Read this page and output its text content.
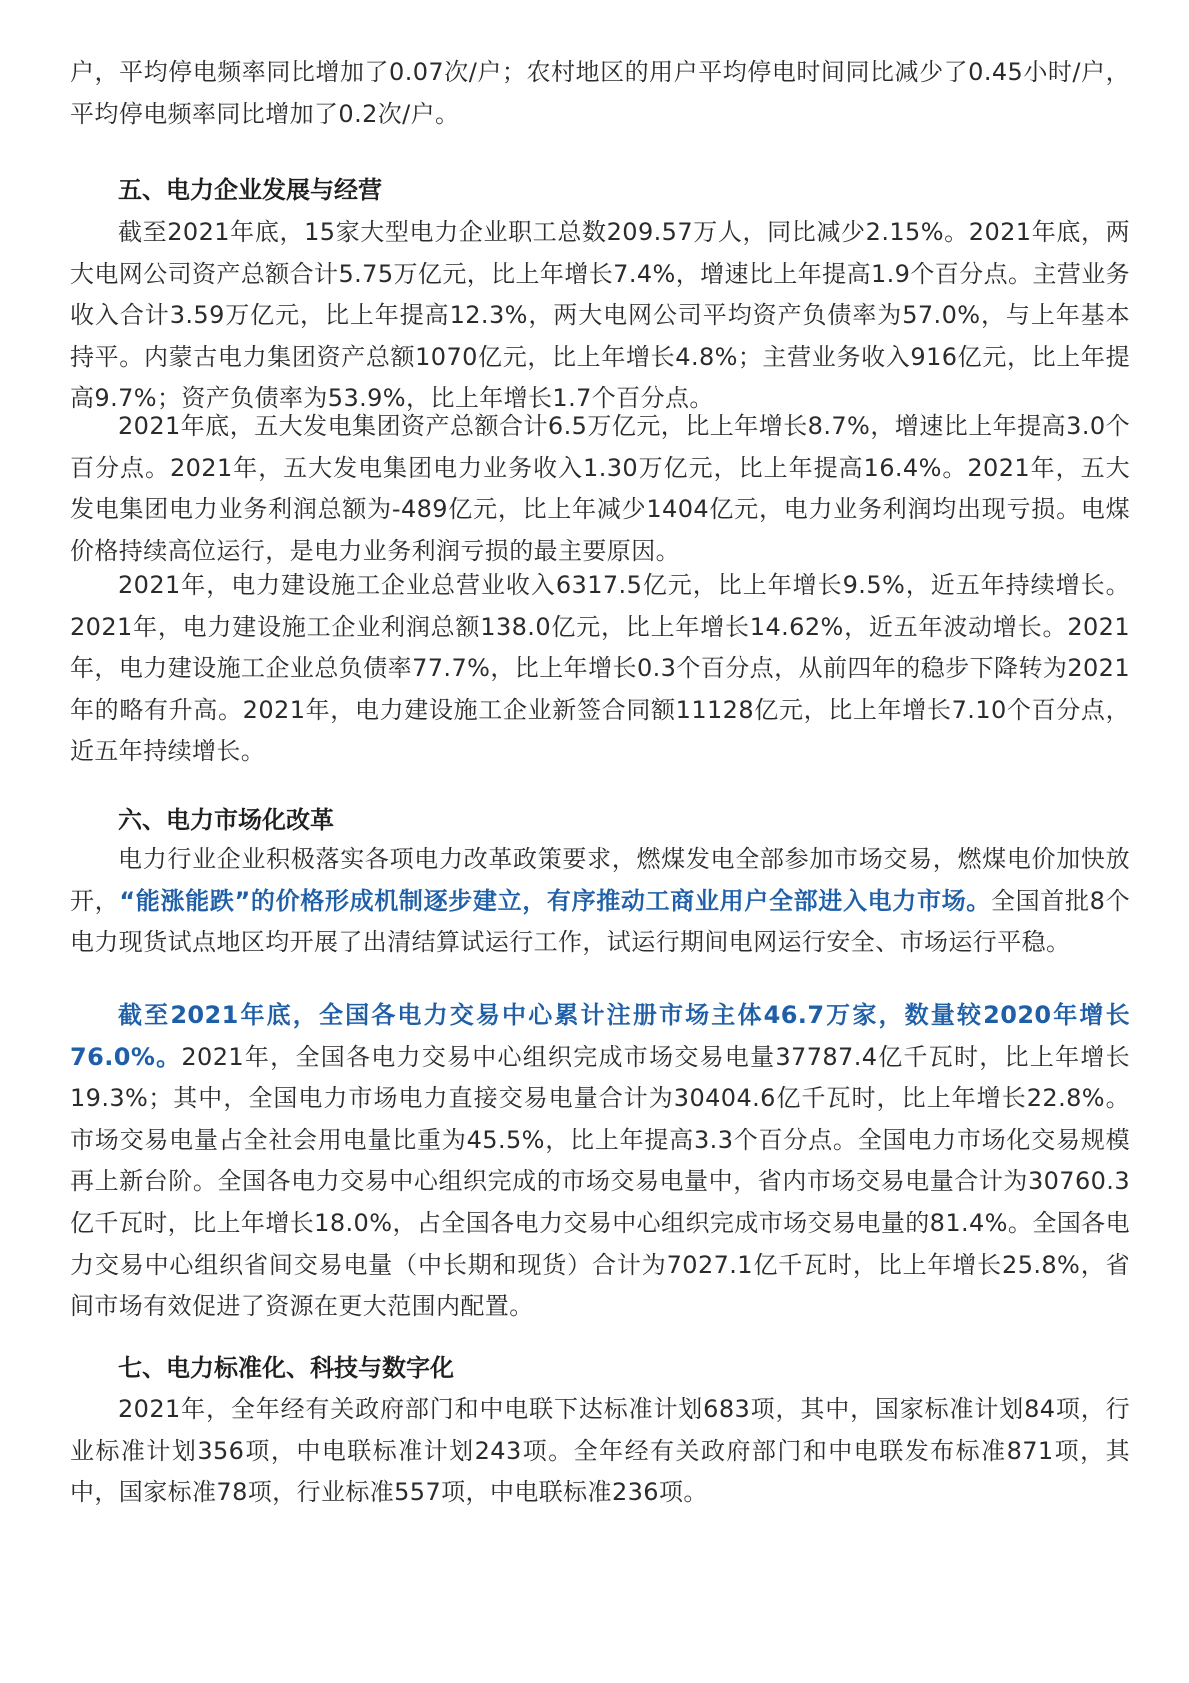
户，平均停电频率同比增加了0.07次/户；农村地区的用户平均停电时间同比减少了0.45小时/户，平均停电频率同比增加了0.2次/户。

五、电力企业发展与经营

截至2021年底，15家大型电力企业职工总数209.57万人，同比减少2.15%。2021年底，两大电网公司资产总额合计5.75万亿元，比上年增长7.4%，增速比上年提高1.9个百分点。主营业务收入合计3.59万亿元，比上年提高12.3%，两大电网公司平均资产负债率为57.0%，与上年基本持平。内蒙古电力集团资产总额1070亿元，比上年增长4.8%；主营业务收入916亿元，比上年提高9.7%；资产负债率为53.9%，比上年增长1.7个百分点。

2021年底，五大发电集团资产总额合计6.5万亿元，比上年增长8.7%，增速比上年提高3.0个百分点。2021年，五大发电集团电力业务收入1.30万亿元，比上年提高16.4%。2021年，五大发电集团电力业务利润总额为-489亿元，比上年减少1404亿元，电力业务利润均出现亏损。电煤价格持续高位运行，是电力业务利润亏损的最主要原因。

2021年，电力建设施工企业总营业收入6317.5亿元，比上年增长9.5%，近五年持续增长。2021年，电力建设施工企业利润总额138.0亿元，比上年增长14.62%，近五年波动增长。2021年，电力建设施工企业总负债率77.7%，比上年增长0.3个百分点，从前四年的稳步下降转为2021年的略有升高。2021年，电力建设施工企业新签合同额11128亿元，比上年增长7.10个百分点，近五年持续增长。

六、电力市场化改革

电力行业企业积极落实各项电力改革政策要求，燃煤发电全部参加市场交易，燃煤电价加快放开，“能涨能跌”的价格形成机制逐步建立，有序推动工商业用户全部进入电力市场。全国首批8个电力现货试点地区均开展了出清结算试运行工作，试运行期间电网运行安全、市场运行平稳。

截至2021年底，全国各电力交易中心累计注册市场主体46.7万家，数量较2020年增长76.0%。2021年，全国各电力交易中心组织完成市场交易电量37787.4亿千瓦时，比上年增长19.3%；其中，全国电力市场电力直接交易电量合计为30404.6亿千瓦时，比上年增长22.8%。市场交易电量占全社会用电量比重为45.5%，比上年提高3.3个百分点。全国电力市场化交易规模再上新台阶。全国各电力交易中心组织完成的市场交易电量中，省内市场交易电量合计为30760.3亿千瓦时，比上年增长18.0%，占全国各电力交易中心组织完成市场交易电量的81.4%。全国各电力交易中心组织省间交易电量（中长期和现货）合计为7027.1亿千瓦时，比上年增长25.8%，省间市场有效促进了资源在更大范围内配置。

七、电力标准化、科技与数字化

2021年，全年经有关政府部门和中电联下达标准计划683项，其中，国家标准计划84项，行业标准计划356项，中电联标准计划243项。全年经有关政府部门和中电联发布标准871项，其中，国家标准78项，行业标准557项，中电联标准236项。
